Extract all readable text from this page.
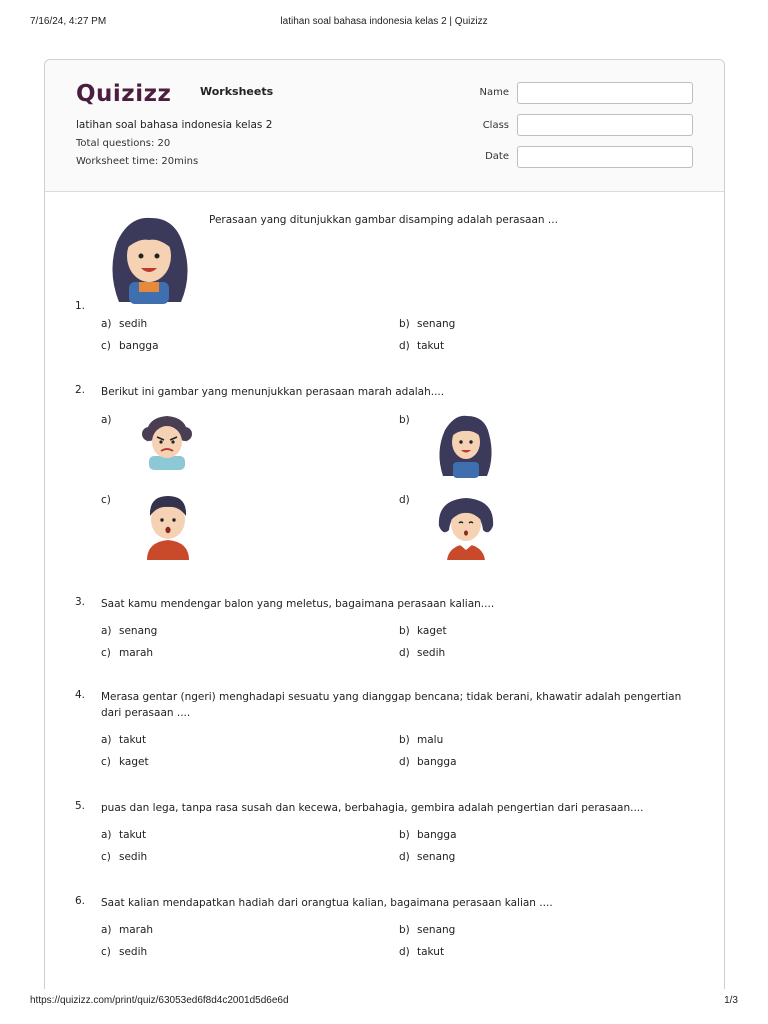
7/16/24, 4:27 PM	latihan soal bahasa indonesia kelas 2 | Quizizz
Quizizz	Worksheets
latihan soal bahasa indonesia kelas 2
Total questions: 20
Worksheet time: 20mins
Name
Class
Date
1.
Perasaan yang ditunjukkan gambar disamping adalah perasaan ...
a) sedih	b) senang
c) bangga	d) takut
2. Berikut ini gambar yang menunjukkan perasaan marah adalah....
a)	b)
c)	d)
3. Saat kamu mendengar balon yang meletus, bagaimana perasaan kalian....
a) senang	b) kaget
c) marah	d) sedih
4. Merasa gentar (ngeri) menghadapi sesuatu yang dianggap bencana; tidak berani, khawatir adalah pengertian dari perasaan ....
a) takut	b) malu
c) kaget	d) bangga
5. puas dan lega, tanpa rasa susah dan kecewa, berbahagia, gembira adalah pengertian dari perasaan....
a) takut	b) bangga
c) sedih	d) senang
6. Saat kalian mendapatkan hadiah dari orangtua kalian, bagaimana perasaan kalian ....
a) marah	b) senang
c) sedih	d) takut
https://quizizz.com/print/quiz/63053ed6f8d4c2001d5d6e6d	1/3
